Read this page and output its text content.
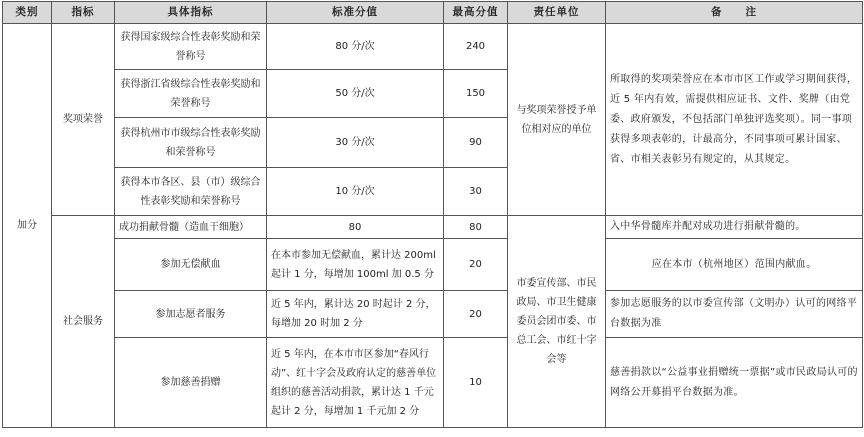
类别	指标	具体指标	标准分值	最高分值	责任单位	备　　注
加分	奖项荣誉	获得国家级综合性表彰奖励和荣誉称号	80 分/次	240	与奖项荣誉授予单位相对应的单位	所取得的奖项荣誉应在本市市区工作或学习期间获得，近 5 年内有效，需提供相应证书、文件、奖牌（由党委、政府颁发，不包括部门单独评选奖项）。同一事项获得多项表彰的，计最高分，不同事项可累计国家、省、市相关表彰另有规定的，从其规定。
		获得浙江省级综合性表彰奖励和荣誉称号	50 分/次	150		
		获得杭州市市级综合性表彰奖励和荣誉称号	30 分/次	90		
		获得本市各区、县（市）级综合性表彰奖励和荣誉称号	10 分/次	30		
	社会服务	成功捐献骨髓（造血干细胞）	80	80	市委宣传部、市民政局、市卫生健康委员会团市委、市总工会、市红十字会等	入中华骨髓库并配对成功进行捐献骨髓的。
		参加无偿献血	在本市参加无偿献血，累计达 200ml 起计 1 分，每增加 100ml 加 0.5 分	20		应在本市（杭州地区）范围内献血。
		参加志愿者服务	近 5 年内，累计达 20 时起计 2 分，每增加 20 时加 2 分	20		参加志愿服务的以市委宣传部（文明办）认可的网络平台数据为准
		参加慈善捐赠	近 5 年内，在本市市区参加“春风行动”、红十字会及政府认定的慈善单位组织的慈善活动捐款，累计达 1 千元起计 2 分，每增加 1 千元加 2 分	10		慈善捐款以“公益事业捐赠统一票据”或市民政局认可的网络公开募捐平台数据为准。
